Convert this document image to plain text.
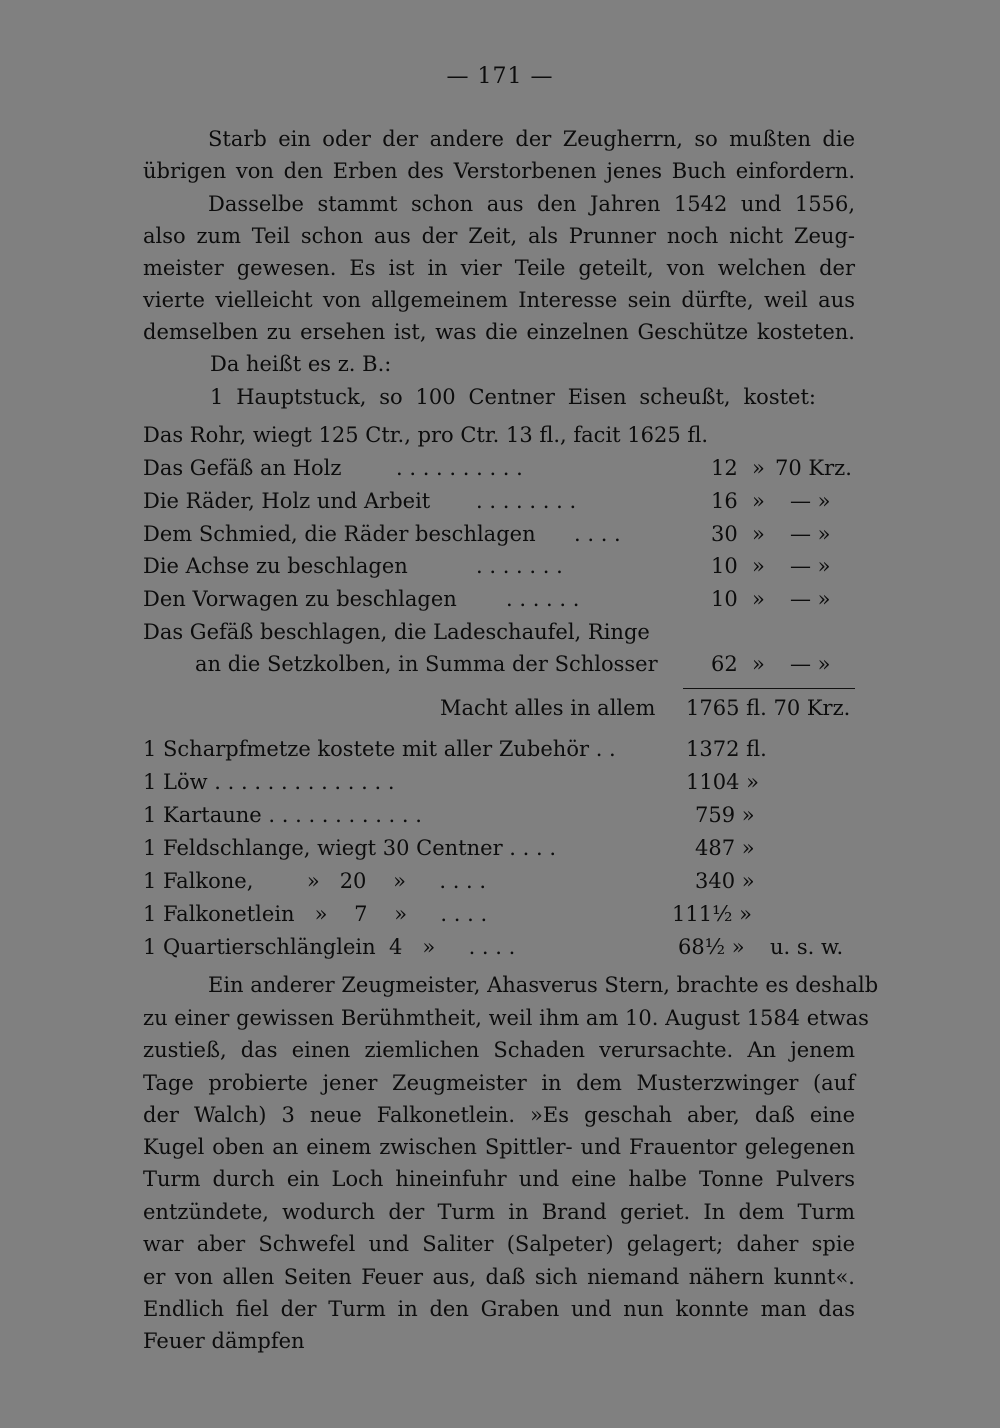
— 171 —
Starb ein oder der andere der Zeugherrn, so mußten die
übrigen von den Erben des Verstorbenen jenes Buch einfordern.
Dasselbe stammt schon aus den Jahren 1542 und 1556,
also zum Teil schon aus der Zeit, als Prunner noch nicht Zeug-
meister gewesen. Es ist in vier Teile geteilt, von welchen der
vierte vielleicht von allgemeinem Interesse sein dürfte, weil aus
demselben zu ersehen ist, was die einzelnen Geschütze kosteten.
Da heißt es z. B.:
1 Hauptstuck, so 100 Centner Eisen scheußt, kostet:
Das Rohr, wiegt 125 Ctr., pro Ctr. 13 fl., facit 1625 fl.
Das Gefäß an Holz	. . . . . . . . . .	12 » 70 Krz.
Die Räder, Holz und Arbeit . . . . . . . .	16 » — »
Dem Schmied, die Räder beschlagen . . . .	30 » — »
Die Achse zu beschlagen	. . . . . . .	10 » — »
Den Vorwagen zu beschlagen . . . . . .	10 » — »
Das Gefäß beschlagen, die Ladeschaufel, Ringe
an die Setzkolben, in Summa der Schlosser	62 » — »
Macht alles in allem 1765 fl. 70 Krz.
1 Scharpfmetze kostete mit aller Zubehör . .	1372 fl.
1 Löw . . . . . . . . . . . . . .	1104 »
1 Kartaune . . . . . . . . . . . .	759 »
1 Feldschlange, wiegt 30 Centner . . . .	487 »
1 Falkone,        »   20    »     . . . .	340 »
1 Falkonetlein   »    7    »     . . . .	111½ »
1 Quartierschlänglein  4   »     . . . .	68½ » u. s. w.
Ein anderer Zeugmeister, Ahasverus Stern, brachte es deshalb
zu einer gewissen Berühmtheit, weil ihm am 10. August 1584 etwas
zustieß, das einen ziemlichen Schaden verursachte. An jenem
Tage probierte jener Zeugmeister in dem Musterzwinger (auf
der Walch) 3 neue Falkonetlein. »Es geschah aber, daß eine
Kugel oben an einem zwischen Spittler- und Frauentor gelegenen
Turm durch ein Loch hineinfuhr und eine halbe Tonne Pulvers
entzündete, wodurch der Turm in Brand geriet. In dem Turm
war aber Schwefel und Saliter (Salpeter) gelagert; daher spie
er von allen Seiten Feuer aus, daß sich niemand nähern kunnt«.
Endlich fiel der Turm in den Graben und nun konnte man das
Feuer dämpfen
